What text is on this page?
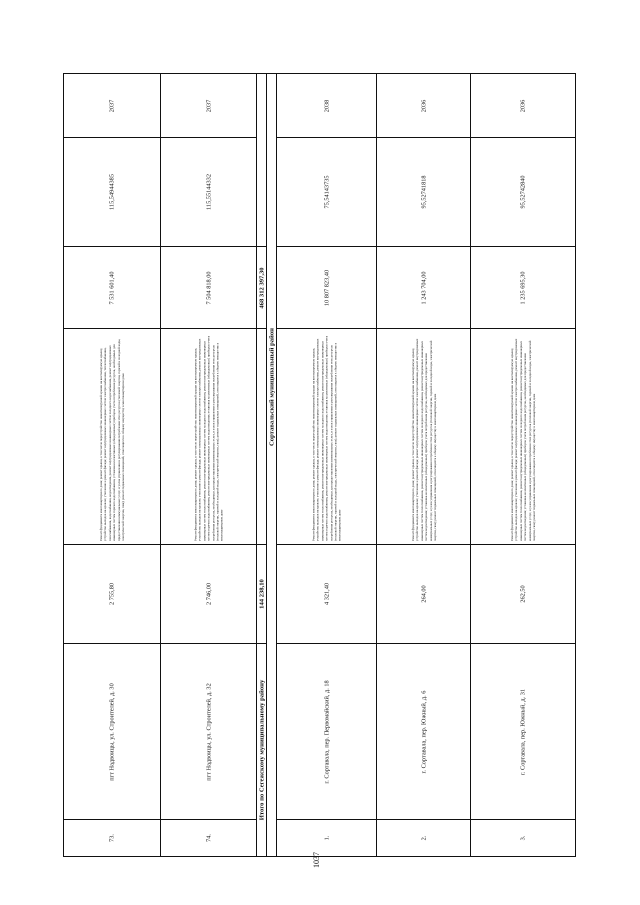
1037
2037
115,54944385
7 531 601,40
Ремонт фундамента многоквартирного дома; ремонт крыши, в том числе переустройство невентилируемой крыши на вентилируемую крышу, устройство выходов на кровлю; утепление и ремонт фасада; ремонт внутридомовых инженерных систем электроснабжения, теплоснабжения, газоснабжения, водоснабжения, водоотведения, ремонт внутридомовых инженерных систем холодного водоснабжения, ремонт внутридомовых инженерных систем горячего водоснабжения, установка коллективных (общедомовых) приборов учета потребления ресурсов, необходимых для предоставления коммунальных услуг, и узлов управления и регулирования потребления этих ресурсов (тепловой энергии, горячей и холодной воды, электрической энергии, газа); ремонт подвальных помещений, относящихся к общему имуществу в многоквартирном доме
2 755,80
пгт Надвоицы, ул. Строителей, д. 30
73.
2037
115,55144332
7 504 818,00
Ремонт фундамента многоквартирного дома; ремонт крыши, в том числе переустройство невентилируемой крыши на вентилируемую крышу, устройство выходов на кровлю; утепление и ремонт фасада; ремонт внутридомовых инженерных систем электроснабжения, ремонт внутридомовых инженерных систем теплоснабжения, ремонт внутридомовых инженерных систем холодного водоснабжения, ремонт внутридомовых инженерных систем горячего водоснабжения, ремонт внутридомовых инженерных систем водоотведения; установка коллективных (общедомовых) приборов учета потребления ресурсов, необходимых для предоставления коммунальных услуг, и узлов управления и регулирования потребления этих ресурсов (тепловой энергии, горячей и холодной воды, электрической энергии, газа); ремонт подвальных помещений, относящихся к общему имуществу в многоквартирном доме
2 746,00
пгт Надвоицы, ул. Строителей, д. 32
74.
468 312 397,30
144 238,10
Итого по Сегежскому муниципальному району
Сортавальский муниципальный район
2038
75,54143735
10 807 823,40
Ремонт фундамента многоквартирного дома; ремонт крыши, в том числе переустройство невентилируемой крыши на вентилируемую крышу, устройство выходов на кровлю; утепление и ремонт фасада; ремонт внутридомовых инженерных систем электроснабжения, ремонт внутридомовых инженерных систем теплоснабжения, ремонт внутридомовых инженерных систем холодного водоснабжения, ремонт внутридомовых инженерных систем горячего водоснабжения, ремонт внутридомовых инженерных систем водоотведения; установка коллективных (общедомовых) приборов учета потребления ресурсов, необходимых для предоставления коммунальных услуг, и узлов управления и регулирования потребления этих ресурсов (тепловой энергии, горячей и холодной воды, электрической энергии, газа); ремонт подвальных помещений, относящихся к общему имуществу в многоквартирном доме
4 321,40
г. Сортавала, пер. Первомайский, д. 18
1.
2036
95,52741818
1 243 704,00
Ремонт фундамента многоквартирного дома; ремонт крыши, в том числе переустройство невентилируемой крыши на вентилируемую крышу, устройство выходов на кровлю; утепление и ремонт фасада; ремонт внутридомовых инженерных систем электроснабжения, ремонт внутридомовых инженерных систем теплоснабжения, ремонт внутридомовых инженерных систем холодного водоснабжения, ремонт внутридомовых инженерных систем водоотведения; установка коллективных (общедомовых) приборов учета потребления ресурсов, необходимых для предоставления коммунальных услуг, и узлов управления и регулирования потребления этих ресурсов (тепловой энергии, горячей и холодной воды, электрической энергии, газа); ремонт подвальных помещений, относящихся к общему имуществу в многоквартирном доме
264,00
г. Сортавала, пер. Южный, д. 6
2.
2036
95,52742840
1 235 695,30
Ремонт фундамента многоквартирного дома; ремонт крыши, в том числе переустройство невентилируемой крыши на вентилируемую крышу, устройство выходов на кровлю; утепление и ремонт фасада; ремонт внутридомовых инженерных систем электроснабжения, ремонт внутридомовых инженерных систем теплоснабжения, ремонт внутридомовых инженерных систем холодного водоснабжения, ремонт внутридомовых инженерных систем водоотведения; установка коллективных (общедомовых) приборов учета потребления ресурсов, необходимых для предоставления коммунальных услуг, и узлов управления и регулирования потребления этих ресурсов (тепловой энергии, горячей и холодной воды, электрической энергии, газа); ремонт подвальных помещений, относящихся к общему имуществу в многоквартирном доме
262,50
г. Сортавала, пер. Южный, д. 31
3.
